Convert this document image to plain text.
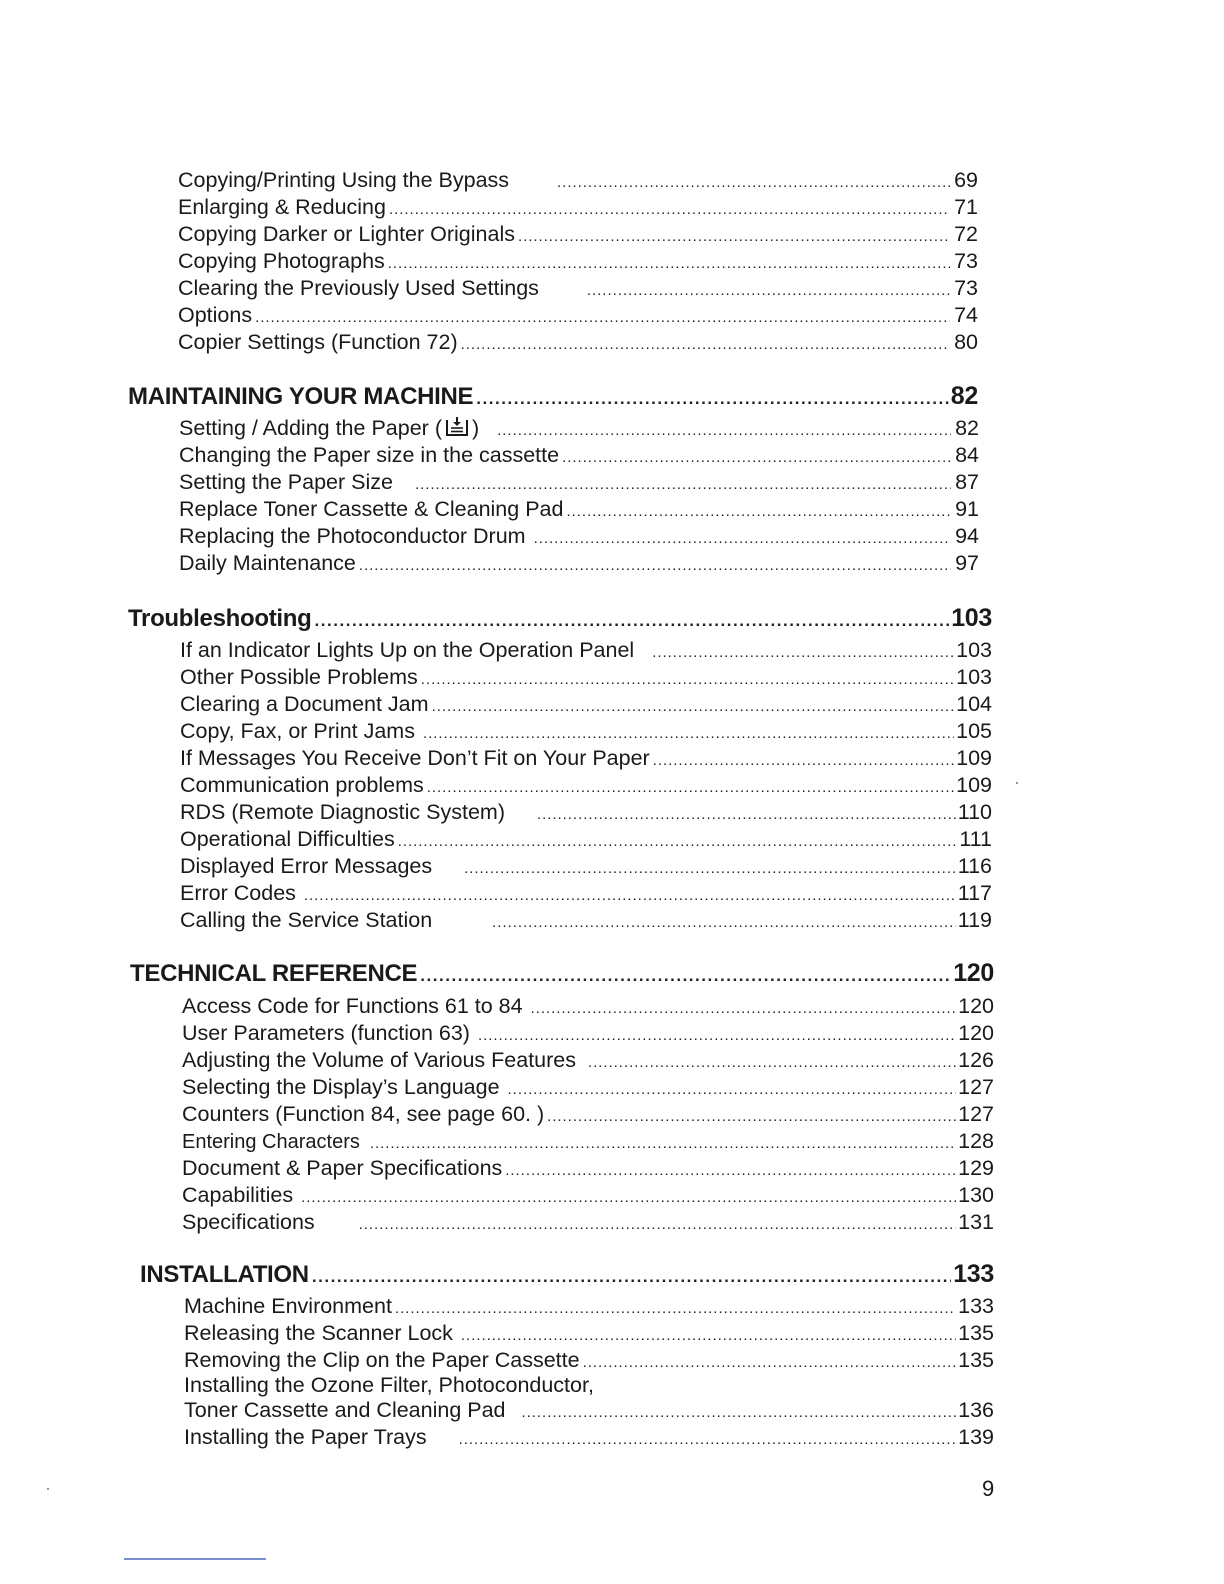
Copying/Printing Using the Bypass . . .	69
Enlarging & Reducing . . .	71
Copying Darker or Lighter Originals . . .	72
Copying Photographs . . .	73
Clearing the Previously Used Settings . . .	73
Options . . .	74
Copier Settings (Function 72) . . .	80
MAINTAINING YOUR MACHINE . . .	82
Setting / Adding the Paper ( ) . . .	82
Changing the Paper size in the cassette . . .	84
Setting the Paper Size . . .	87
Replace Toner Cassette & Cleaning Pad . . .	91
Replacing the Photoconductor Drum . . .	94
Daily Maintenance . . .	97
Troubleshooting . . .	103
If an Indicator Lights Up on the Operation Panel . . .	103
Other Possible Problems . . .	103
Clearing a Document Jam . . .	104
Copy, Fax, or Print Jams . . .	105
If Messages You Receive Don’t Fit on Your Paper . . .	109
Communication problems . . .	109
RDS (Remote Diagnostic System) . . .	110
Operational Difficulties . . .	111
Displayed Error Messages . . .	116
Error Codes . . .	117
Calling the Service Station . . .	119
TECHNICAL REFERENCE . . .	120
Access Code for Functions 61 to 84 . . .	120
User Parameters (function 63) . . .	120
Adjusting the Volume of Various Features . . .	126
Selecting the Display’s Language . . .	127
Counters (Function 84, see page 60. ) . . .	127
Entering Characters . . .	128
Document & Paper Specifications . . .	129
Capabilities . . .	130
Specifications . . .	131
INSTALLATION . . .	133
Machine Environment . . .	133
Releasing the Scanner Lock . . .	135
Removing the Clip on the Paper Cassette . . .	135
Installing the Ozone Filter, Photoconductor,
Toner Cassette and Cleaning Pad . . .	136
Installing the Paper Trays . . .	139
9
